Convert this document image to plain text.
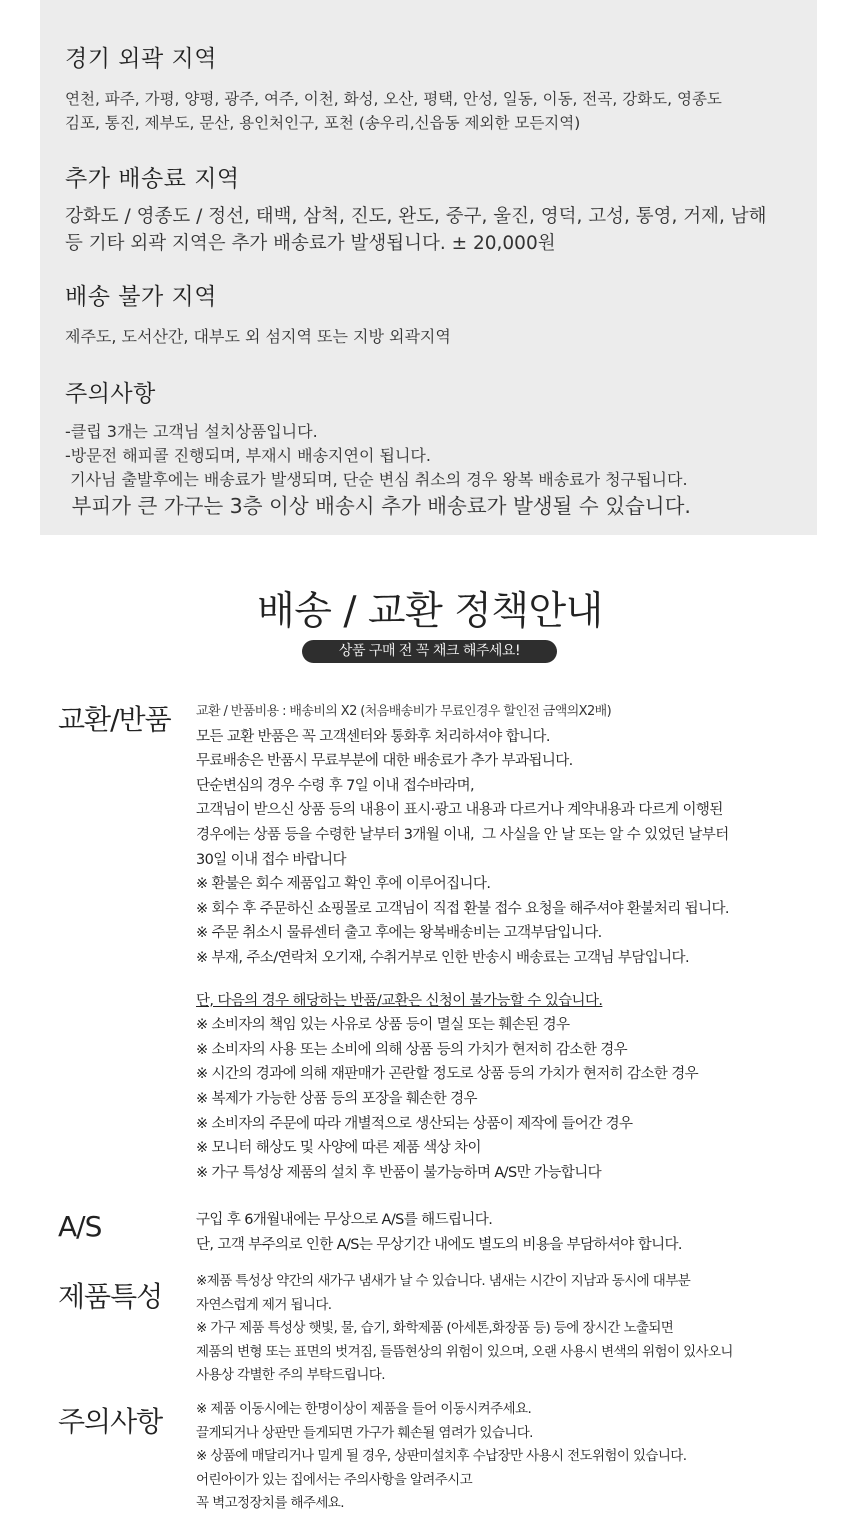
경기 외곽 지역

연천, 파주, 가평, 양평, 광주, 여주, 이천, 화성, 오산, 평택, 안성, 일동, 이동, 전곡, 강화도, 영종도

김포, 통진, 제부도, 문산, 용인처인구, 포천 (송우리,신읍동 제외한 모든지역)

추가 배송료 지역

강화도 / 영종도 / 정선, 태백, 삼척, 진도, 완도, 중구, 울진, 영덕, 고성, 통영, 거제, 남해

등 기타 외곽 지역은 추가 배송료가 발생됩니다. ± 20,000원

배송 불가 지역

제주도, 도서산간, 대부도 외 섬지역 또는 지방 외곽지역

주의사항

-클립 3개는 고객님 설치상품입니다.

-방문전 해피콜 진행되며, 부재시 배송지연이 됩니다.

기사님 출발후에는 배송료가 발생되며, 단순 변심 취소의 경우 왕복 배송료가 청구됩니다.

부피가 큰 가구는 3층 이상 배송시 추가 배송료가 발생될 수 있습니다.

배송 / 교환 정책안내
상품 구매 전 꼭 채크 해주세요!
교환/반품 교환 / 반품비용 : 배송비의 X2 (처음배송비가 무료인경우 할인전 금액의X2배)
모든 교환 반품은 꼭 고객센터와 통화후 처리하셔야 합니다.
무료배송은 반품시 무료부분에 대한 배송료가 추가 부과됩니다.
단순변심의 경우 수령 후 7일 이내 접수바라며,
고객님이 받으신 상품 등의 내용이 표시·광고 내용과 다르거나 계약내용과 다르게 이행된
경우에는 상품 등을 수령한 날부터 3개월 이내,  그 사실을 안 날 또는 알 수 있었던 날부터
30일 이내 접수 바랍니다
※ 환불은 회수 제품입고 확인 후에 이루어집니다.
※ 회수 후 주문하신 쇼핑몰로 고객님이 직접 환불 접수 요청을 해주셔야 환불처리 됩니다.
※ 주문 취소시 물류센터 출고 후에는 왕복배송비는 고객부담입니다.
※ 부재, 주소/연락처 오기재, 수취거부로 인한 반송시 배송료는 고객님 부담입니다.
단, 다음의 경우 해당하는 반품/교환은 신청이 불가능할 수 있습니다.
※ 소비자의 책임 있는 사유로 상품 등이 멸실 또는 훼손된 경우
※ 소비자의 사용 또는 소비에 의해 상품 등의 가치가 현저히 감소한 경우
※ 시간의 경과에 의해 재판매가 곤란할 정도로 상품 등의 가치가 현저히 감소한 경우
※ 복제가 가능한 상품 등의 포장을 훼손한 경우
※ 소비자의 주문에 따라 개별적으로 생산되는 상품이 제작에 들어간 경우
※ 모니터 해상도 및 사양에 따른 제품 색상 차이
※ 가구 특성상 제품의 설치 후 반품이 불가능하며 A/S만 가능합니다
A/S	구입 후 6개월내에는 무상으로 A/S를 해드립니다.
단, 고객 부주의로 인한 A/S는 무상기간 내에도 별도의 비용을 부담하셔야 합니다.
제품특성	※제품 특성상 약간의 새가구 냄새가 날 수 있습니다. 냄새는 시간이 지남과 동시에 대부분
자연스럽게 제거 됩니다.
※ 가구 제품 특성상 햇빛, 물, 습기, 화학제품 (아세톤,화장품 등) 등에 장시간 노출되면
제품의 변형 또는 표면의 벗겨짐, 들뜸현상의 위험이 있으며, 오랜 사용시 변색의 위험이 있사오니
사용상 각별한 주의 부탁드립니다.
주의사항	※ 제품 이동시에는 한명이상이 제품을 들어 이동시켜주세요.
끌게되거나 상판만 들게되면 가구가 훼손될 염려가 있습니다.
※ 상품에 매달리거나 밀게 될 경우, 상판미설치후 수납장만 사용시 전도위험이 있습니다.
어린아이가 있는 집에서는 주의사항을 알려주시고
꼭 벽고정장치를 해주세요.
